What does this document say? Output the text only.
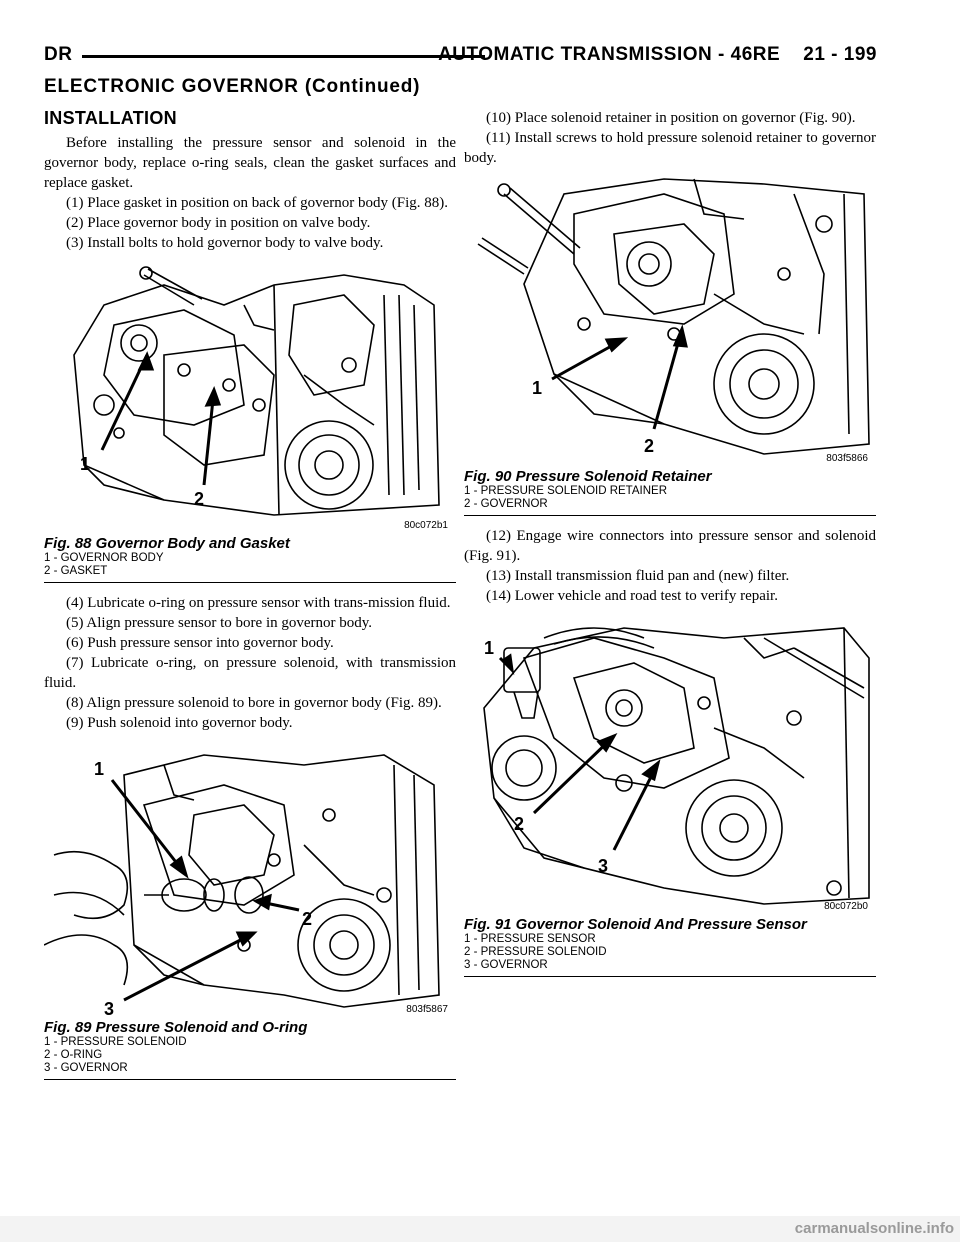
DR	AUTOMATIC TRANSMISSION - 46RE    21 - 199
ELECTRONIC GOVERNOR (Continued)
INSTALLATION

Before installing the pressure sensor and solenoid in the governor body, replace o-ring seals, clean the gasket surfaces and replace gasket.

(1) Place gasket in position on back of governor body (Fig. 88).

(2) Place governor body in position on valve body.

(3) Install bolts to hold governor body to valve body.

1
2
80c072b1
Fig. 88 Governor Body and Gasket
1 - GOVERNOR BODY
2 - GASKET

(4) Lubricate o-ring on pressure sensor with trans-mission fluid.

(5) Align pressure sensor to bore in governor body.

(6) Push pressure sensor into governor body.

(7) Lubricate o-ring, on pressure solenoid, with transmission fluid.

(8) Align pressure solenoid to bore in governor body (Fig. 89).

(9) Push solenoid into governor body.

1
2
3	803f5867
Fig. 89 Pressure Solenoid and O-ring
1 - PRESSURE SOLENOID
2 - O-RING
3 - GOVERNOR

(10) Place solenoid retainer in position on governor (Fig. 90).

(11) Install screws to hold pressure solenoid retainer to governor body.

1
2
803f5866
Fig. 90 Pressure Solenoid Retainer
1 - PRESSURE SOLENOID RETAINER
2 - GOVERNOR

(12) Engage wire connectors into pressure sensor and solenoid (Fig. 91).

(13) Install transmission fluid pan and (new) filter.

(14) Lower vehicle and road test to verify repair.

1
2
3
80c072b0
Fig. 91 Governor Solenoid And Pressure Sensor
1 - PRESSURE SENSOR
2 - PRESSURE SOLENOID
3 - GOVERNOR
carmanualsonline.info
